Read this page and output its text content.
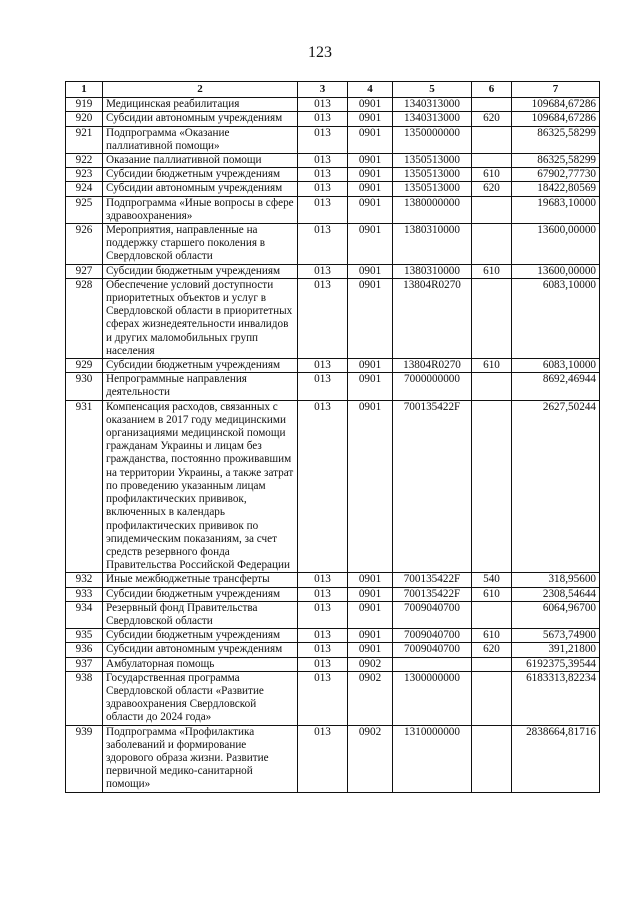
123
1	2	3	4	5	6	7
919	Медицинская реабилитация	013	0901	1340313000		109684,67286
920	Субсидии автономным учреждениям	013	0901	1340313000	620	109684,67286
921	Подпрограмма «Оказание паллиативной помощи»	013	0901	1350000000		86325,58299
922	Оказание паллиативной помощи	013	0901	1350513000		86325,58299
923	Субсидии бюджетным учреждениям	013	0901	1350513000	610	67902,77730
924	Субсидии автономным учреждениям	013	0901	1350513000	620	18422,80569
925	Подпрограмма «Иные вопросы в сфере здравоохранения»	013	0901	1380000000		19683,10000
926	Мероприятия, направленные на поддержку старшего поколения в Свердловской области	013	0901	1380310000		13600,00000
927	Субсидии бюджетным учреждениям	013	0901	1380310000	610	13600,00000
928	Обеспечение условий доступности приоритетных объектов и услуг в Свердловской области в приоритетных сферах жизнедеятельности инвалидов и других маломобильных групп населения	013	0901	13804R0270		6083,10000
929	Субсидии бюджетным учреждениям	013	0901	13804R0270	610	6083,10000
930	Непрограммные направления деятельности	013	0901	7000000000		8692,46944
931	Компенсация расходов, связанных с оказанием в 2017 году медицинскими организациями медицинской помощи гражданам Украины и лицам без гражданства, постоянно проживавшим на территории Украины, а также затрат по проведению указанным лицам профилактических прививок, включенных в календарь профилактических прививок по эпидемическим показаниям, за счет средств резервного фонда Правительства Российской Федерации	013	0901	700135422F		2627,50244
932	Иные межбюджетные трансферты	013	0901	700135422F	540	318,95600
933	Субсидии бюджетным учреждениям	013	0901	700135422F	610	2308,54644
934	Резервный фонд Правительства Свердловской области	013	0901	7009040700		6064,96700
935	Субсидии бюджетным учреждениям	013	0901	7009040700	610	5673,74900
936	Субсидии автономным учреждениям	013	0901	7009040700	620	391,21800
937	Амбулаторная помощь	013	0902			6192375,39544
938	Государственная программа Свердловской области «Развитие здравоохранения Свердловской области до 2024 года»	013	0902	1300000000		6183313,82234
939	Подпрограмма «Профилактика заболеваний и формирование здорового образа жизни. Развитие первичной медико-санитарной помощи»	013	0902	1310000000		2838664,81716
